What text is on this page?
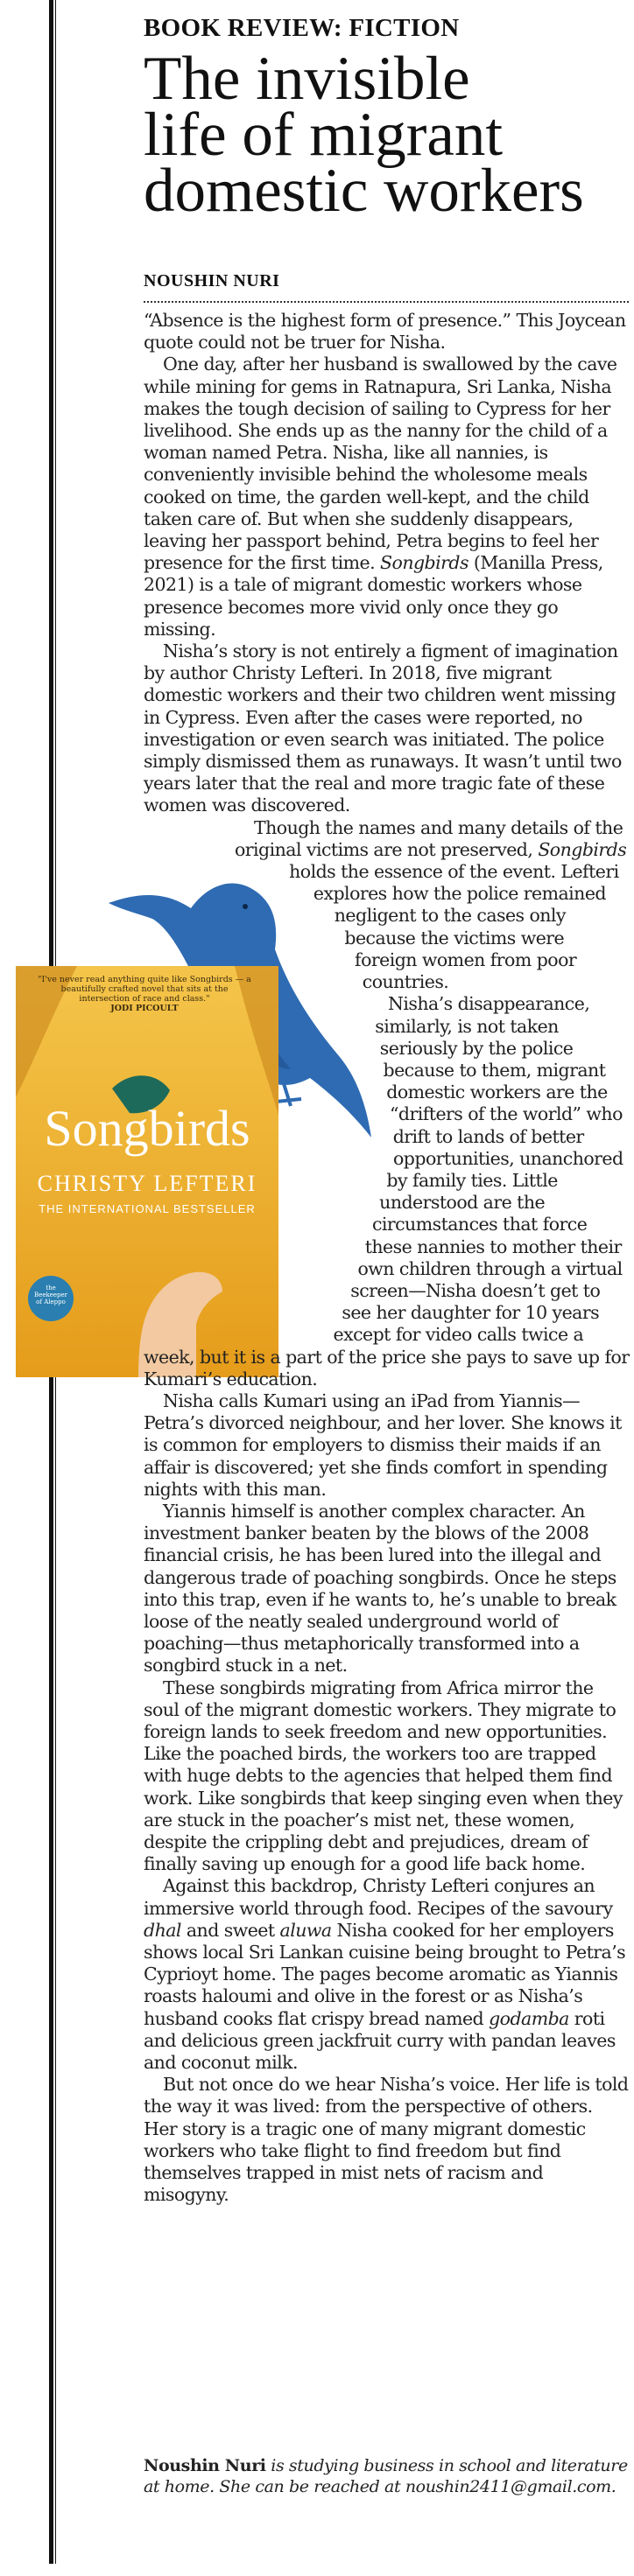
BOOK REVIEW: FICTION
The invisible
life of migrant
domestic workers
NOUSHIN NURI
"I've never read anything quite like Songbirds — a beautifully crafted novel that sits at the intersection of race and class."
JODI PICOULT
Songbirds
CHRISTY LEFTERI
THE INTERNATIONAL BESTSELLER
the Beekeeper of Aleppo

“Absence is the highest form of presence.” This Joycean quote could not be truer for Nisha.

One day, after her husband is swallowed by the cave while mining for gems in Ratnapura, Sri Lanka, Nisha makes the tough decision of sailing to Cypress for her livelihood. She ends up as the nanny for the child of a woman named Petra. Nisha, like all nannies, is conveniently invisible behind the wholesome meals cooked on time, the garden well-kept, and the child taken care of. But when she suddenly disappears, leaving her passport behind, Petra begins to feel her presence for the first time. Songbirds (Manilla Press, 2021) is a tale of migrant domestic workers whose presence becomes more vivid only once they go missing.

Nisha’s story is not entirely a figment of imagination by author Christy Lefteri. In 2018, five migrant domestic workers and their two children went missing in Cypress. Even after the cases were reported, no investigation or even search was initiated. The police simply dismissed them as runaways. It wasn’t until two years later that the real and more tragic fate of these women was discovered.

Though the names and many details of the original victims are not preserved, Songbirds holds the essence of the event. Lefteri explores how the police remained negligent to the cases only because the victims were foreign women from poor countries.

Nisha’s disappearance, similarly, is not taken seriously by the police because to them, migrant domestic workers are the “drifters of the world” who drift to lands of better opportunities, unanchored by family ties. Little understood are the circumstances that force these nannies to mother their own children through a virtual screen—Nisha doesn’t get to see her daughter for 10 years except for video calls twice a week, but it is a part of the price she pays to save up for Kumari’s education.

Nisha calls Kumari using an iPad from Yiannis—Petra’s divorced neighbour, and her lover. She knows it is common for employers to dismiss their maids if an affair is discovered; yet she finds comfort in spending nights with this man.

Yiannis himself is another complex character. An investment banker beaten by the blows of the 2008 financial crisis, he has been lured into the illegal and dangerous trade of poaching songbirds. Once he steps into this trap, even if he wants to, he’s unable to break loose of the neatly sealed underground world of poaching—thus metaphorically transformed into a songbird stuck in a net.

These songbirds migrating from Africa mirror the soul of the migrant domestic workers. They migrate to foreign lands to seek freedom and new opportunities. Like the poached birds, the workers too are trapped with huge debts to the agencies that helped them find work. Like songbirds that keep singing even when they are stuck in the poacher’s mist net, these women, despite the crippling debt and prejudices, dream of finally saving up enough for a good life back home.

Against this backdrop, Christy Lefteri conjures an immersive world through food. Recipes of the savoury dhal and sweet aluwa Nisha cooked for her employers shows local Sri Lankan cuisine being brought to Petra’s Cyprioyt home. The pages become aromatic as Yiannis roasts haloumi and olive in the forest or as Nisha’s husband cooks flat crispy bread named godamba roti and delicious green jackfruit curry with pandan leaves and coconut milk.

But not once do we hear Nisha’s voice. Her life is told the way it was lived: from the perspective of others. Her story is a tragic one of many migrant domestic workers who take flight to find freedom but find themselves trapped in mist nets of racism and misogyny.

Noushin Nuri is studying business in school and literature at home. She can be reached at noushin2411@gmail.com.
